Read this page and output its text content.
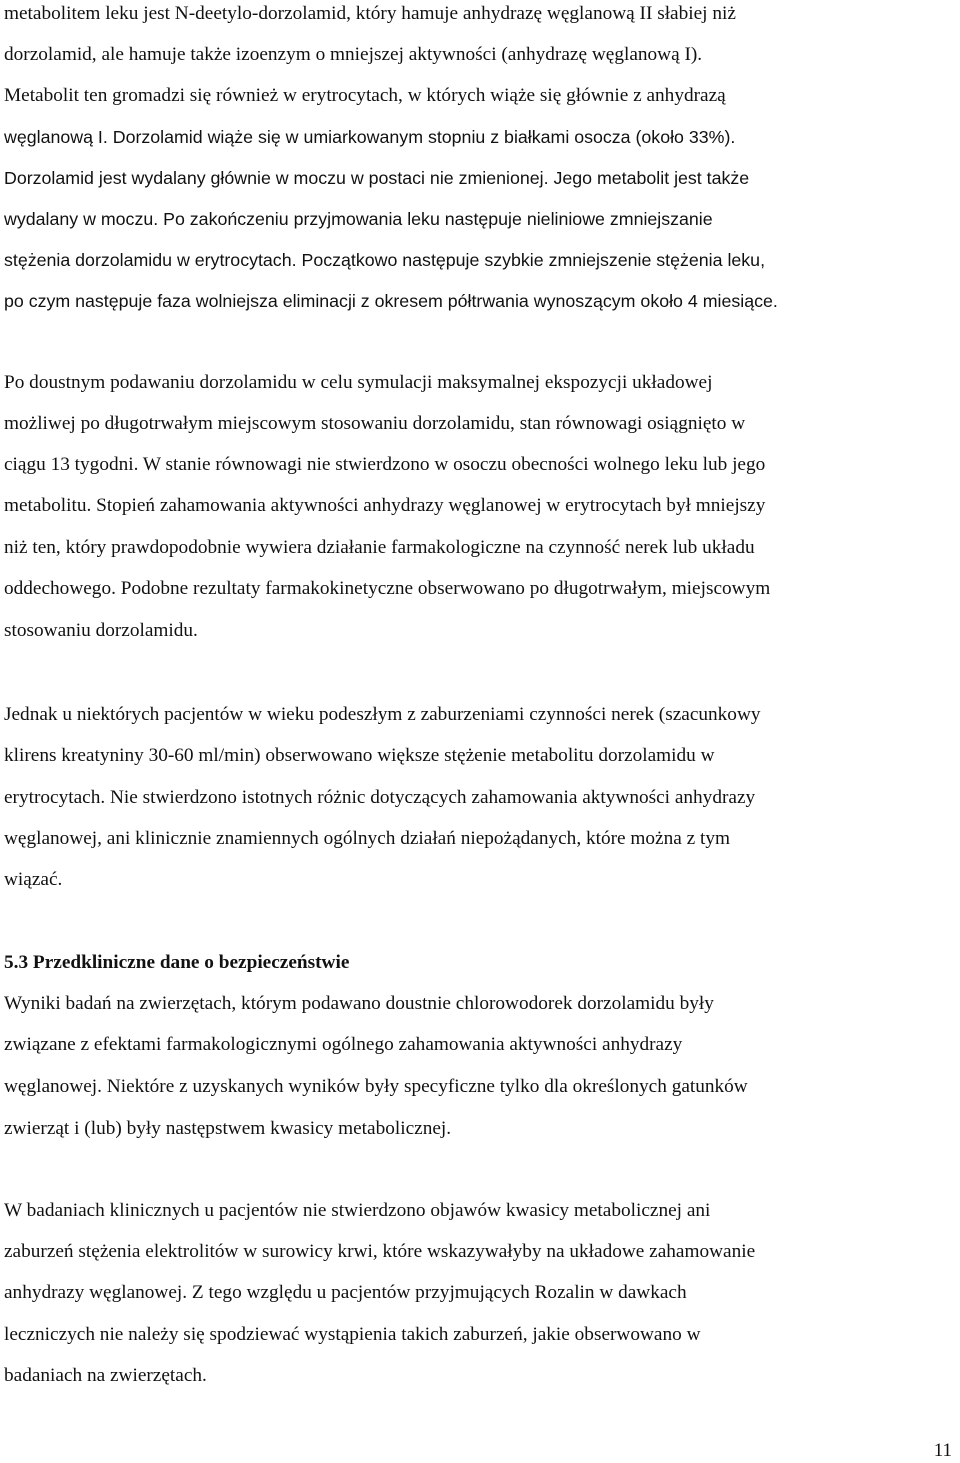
metabolitem leku jest N-deetylo-dorzolamid, który hamuje anhydrazę węglanową II słabiej niż
dorzolamid, ale hamuje także izoenzym o mniejszej aktywności (anhydrazę węglanową I).
Metabolit ten gromadzi się również w erytrocytach, w których wiąże się głównie z anhydrazą
węglanową I. Dorzolamid wiąże się w umiarkowanym stopniu z białkami osocza (około 33%).
Dorzolamid jest wydalany głównie w moczu w postaci nie zmienionej. Jego metabolit jest także
wydalany w moczu. Po zakończeniu przyjmowania leku następuje nieliniowe zmniejszanie
stężenia dorzolamidu w erytrocytach. Początkowo następuje szybkie zmniejszenie stężenia leku,
po czym następuje faza wolniejsza eliminacji z okresem półtrwania wynoszącym około 4 miesiące.
Po doustnym podawaniu dorzolamidu w celu symulacji maksymalnej ekspozycji układowej
możliwej po długotrwałym miejscowym stosowaniu dorzolamidu, stan równowagi osiągnięto w
ciągu 13 tygodni. W stanie równowagi nie stwierdzono w osoczu obecności wolnego leku lub jego
metabolitu. Stopień zahamowania aktywności anhydrazy węglanowej w erytrocytach był mniejszy
niż ten, który prawdopodobnie wywiera działanie farmakologiczne na czynność nerek lub układu
oddechowego. Podobne rezultaty farmakokinetyczne obserwowano po długotrwałym, miejscowym
stosowaniu dorzolamidu.
Jednak u niektórych pacjentów w wieku podeszłym z zaburzeniami czynności nerek (szacunkowy
klirens kreatyniny 30-60 ml/min) obserwowano większe stężenie metabolitu dorzolamidu w
erytrocytach. Nie stwierdzono istotnych różnic dotyczących zahamowania aktywności anhydrazy
węglanowej, ani klinicznie znamiennych ogólnych działań niepożądanych, które można z tym
wiązać.
5.3 Przedkliniczne dane o bezpieczeństwie
Wyniki badań na zwierzętach, którym podawano doustnie chlorowodorek dorzolamidu były
związane z efektami farmakologicznymi ogólnego zahamowania aktywności anhydrazy
węglanowej. Niektóre z uzyskanych wyników były specyficzne tylko dla określonych gatunków
zwierząt i (lub) były następstwem kwasicy metabolicznej.
W badaniach klinicznych u pacjentów nie stwierdzono objawów kwasicy metabolicznej ani
zaburzeń stężenia elektrolitów w surowicy krwi, które wskazywałyby na układowe zahamowanie
anhydrazy węglanowej. Z tego względu u pacjentów przyjmujących Rozalin w dawkach
leczniczych nie należy się spodziewać wystąpienia takich zaburzeń, jakie obserwowano w
badaniach na zwierzętach.
11
